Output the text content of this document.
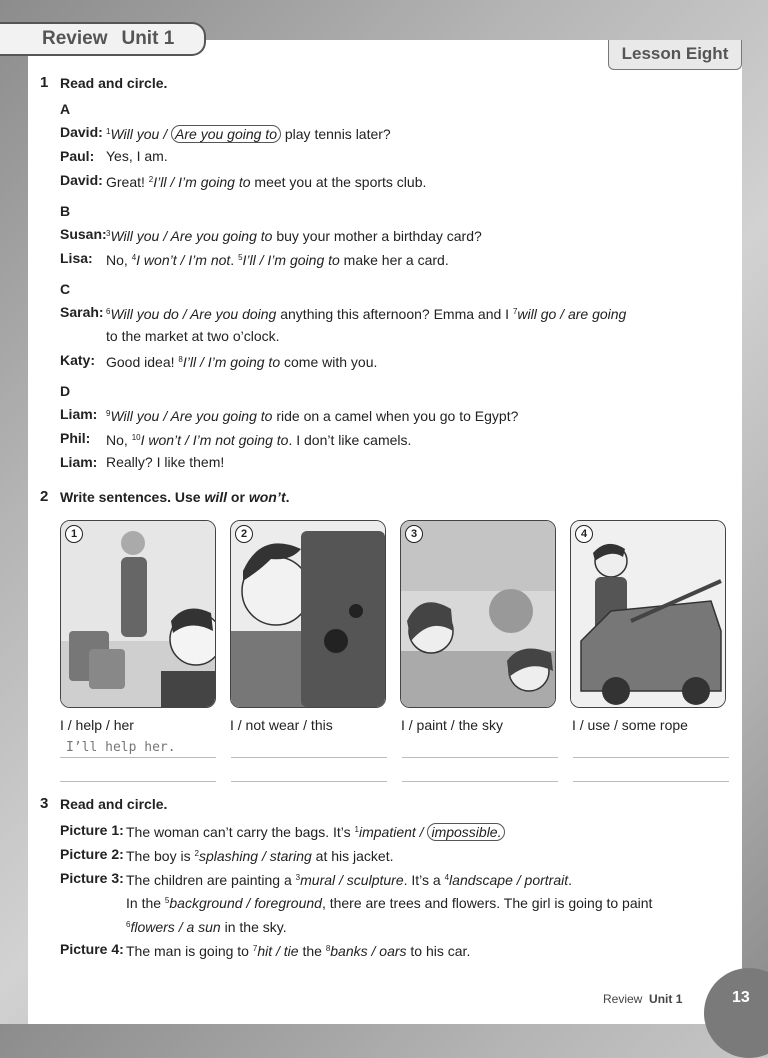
Review Unit 1
Lesson Eight
1 Read and circle.
A
David: $^1$Will you / Are you going to play tennis later?
Paul: Yes, I am.
David: Great! $^2$I’ll / I’m going to meet you at the sports club.
B
Susan: $^3$Will you / Are you going to buy your mother a birthday card?
Lisa: No, $^4$I won’t / I’m not. $^5$I’ll / I’m going to make her a card.
C
Sarah: $^6$Will you do / Are you doing anything this afternoon? Emma and I $^7$will go / are going
to the market at two o’clock.
Katy: Good idea! $^8$I’ll / I’m going to come with you.
D
Liam: $^9$Will you / Are you going to ride on a camel when you go to Egypt?
Phil: No, $^{10}$I won’t / I’m not going to. I don’t like camels.
Liam: Really? I like them!
2 Write sentences. Use will or won’t.
1	2	3	4
I / help / her	I / not wear / this	I / paint / the sky	I / use / some rope
I’ll help her.
3 Read and circle.
Picture 1: The woman can’t carry the bags. It’s $^1$impatient / impossible.
Picture 2: The boy is $^2$splashing / staring at his jacket.
Picture 3: The children are painting a $^3$mural / sculpture. It’s a $^4$landscape / portrait.
In the $^5$background / foreground, there are trees and flowers. The girl is going to paint
$^6$flowers / a sun in the sky.
Picture 4: The man is going to $^7$hit / tie the $^8$banks / oars to his car.
Review Unit 1	13
